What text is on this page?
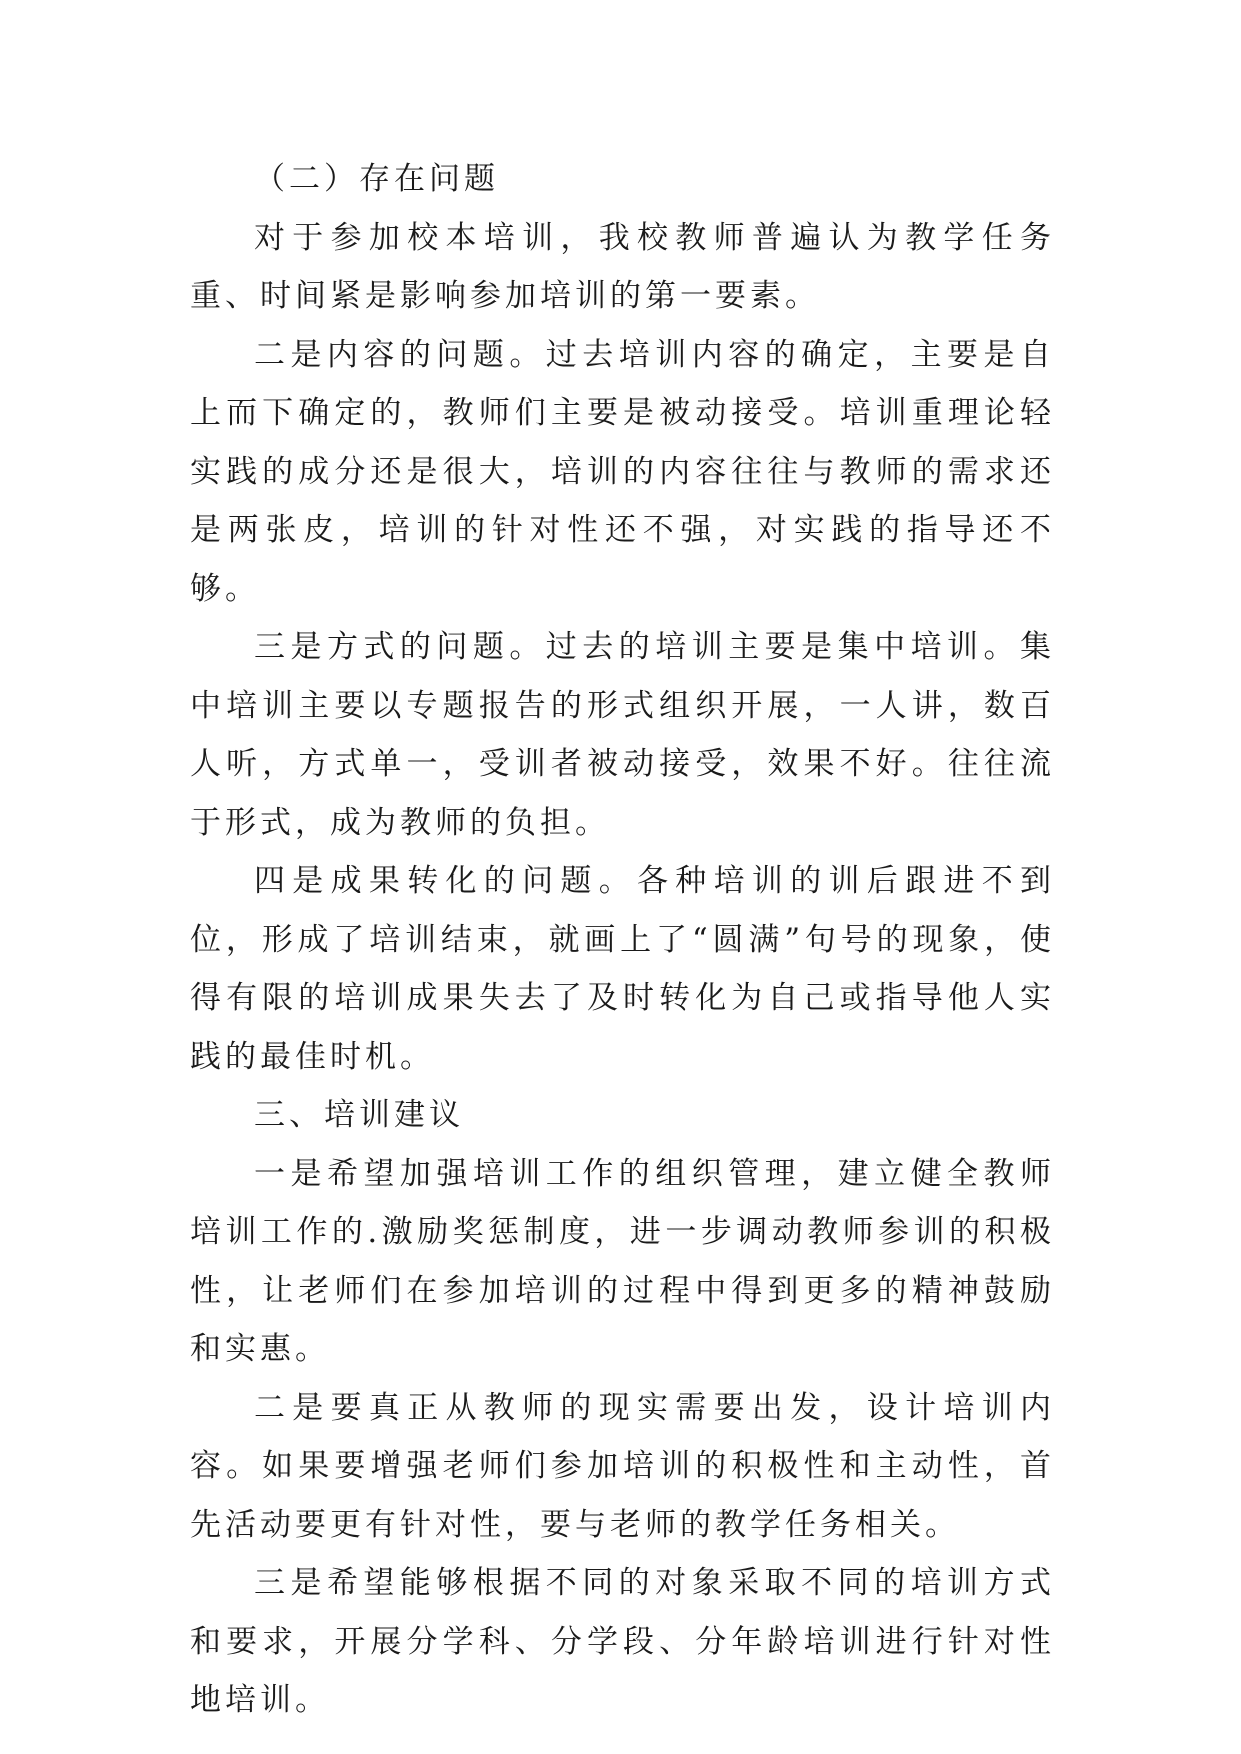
（二）存在问题

对于参加校本培训，我校教师普遍认为教学任务重、时间紧是影响参加培训的第一要素。

二是内容的问题。过去培训内容的确定，主要是自上而下确定的，教师们主要是被动接受。培训重理论轻实践的成分还是很大，培训的内容往往与教师的需求还是两张皮，培训的针对性还不强，对实践的指导还不够。

三是方式的问题。过去的培训主要是集中培训。集中培训主要以专题报告的形式组织开展，一人讲，数百人听，方式单一，受训者被动接受，效果不好。往往流于形式，成为教师的负担。

四是成果转化的问题。各种培训的训后跟进不到位，形成了培训结束，就画上了“圆满”句号的现象，使得有限的培训成果失去了及时转化为自己或指导他人实践的最佳时机。

三、培训建议

一是希望加强培训工作的组织管理，建立健全教师培训工作的.激励奖惩制度，进一步调动教师参训的积极性，让老师们在参加培训的过程中得到更多的精神鼓励和实惠。

二是要真正从教师的现实需要出发，设计培训内容。如果要增强老师们参加培训的积极性和主动性，首先活动要更有针对性，要与老师的教学任务相关。

三是希望能够根据不同的对象采取不同的培训方式和要求，开展分学科、分学段、分年龄培训进行针对性地培训。
